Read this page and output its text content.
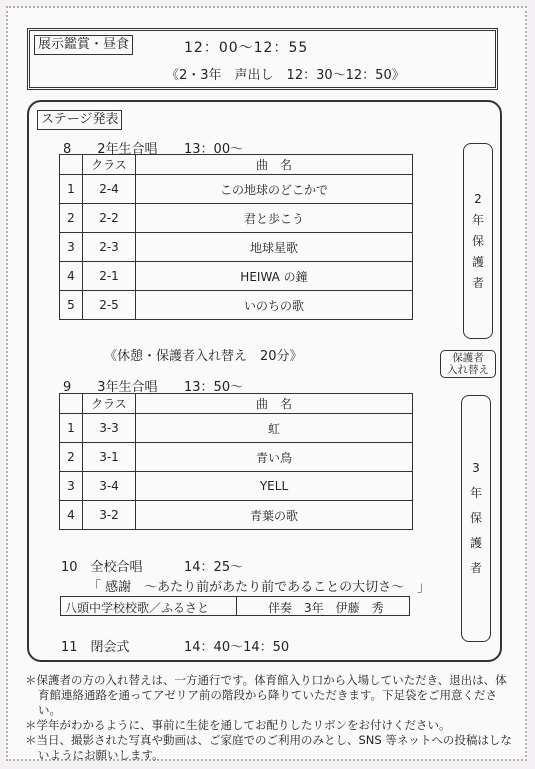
展示鑑賞・昼食	12：00～12：55
《2・3年　声出し　12：30～12：50》
ステージ発表
8　　2年生合唱 13：00～
	クラス	曲　名
1	2-4	この地球のどこかで
2	2-2	君と歩こう
3	2-3	地球星歌
4	2-1	HEIWA の鐘
5	2-5	いのちの歌
《休憩・保護者入れ替え　20分》
9　　3年生合唱 13：50～
	クラス	曲　名
1	3-3	虹
2	3-1	青い鳥
3	3-4	YELL
4	3-2	青葉の歌
10　全校合唱	14：25～
「 感謝　～あたり前があたり前であることの大切さ～　」
八頭中学校校歌／ふるさと	伴奏　3年　伊藤　秀
11　閉会式	14：40～14：50
2
年
保
護
者
保護者
入れ替え
3
年
保
護
者
＊保護者の方の入れ替えは、一方通行です。体育館入り口から入場していただき、退出は、体育館連絡通路を通ってアゼリア前の階段から降りていただきます。下足袋をご用意ください。
＊学年がわかるように、事前に生徒を通してお配りしたリボンをお付けください。
＊当日、撮影された写真や動画は、ご家庭でのご利用のみとし、SNS 等ネットへの投稿はしないようにお願いします。
